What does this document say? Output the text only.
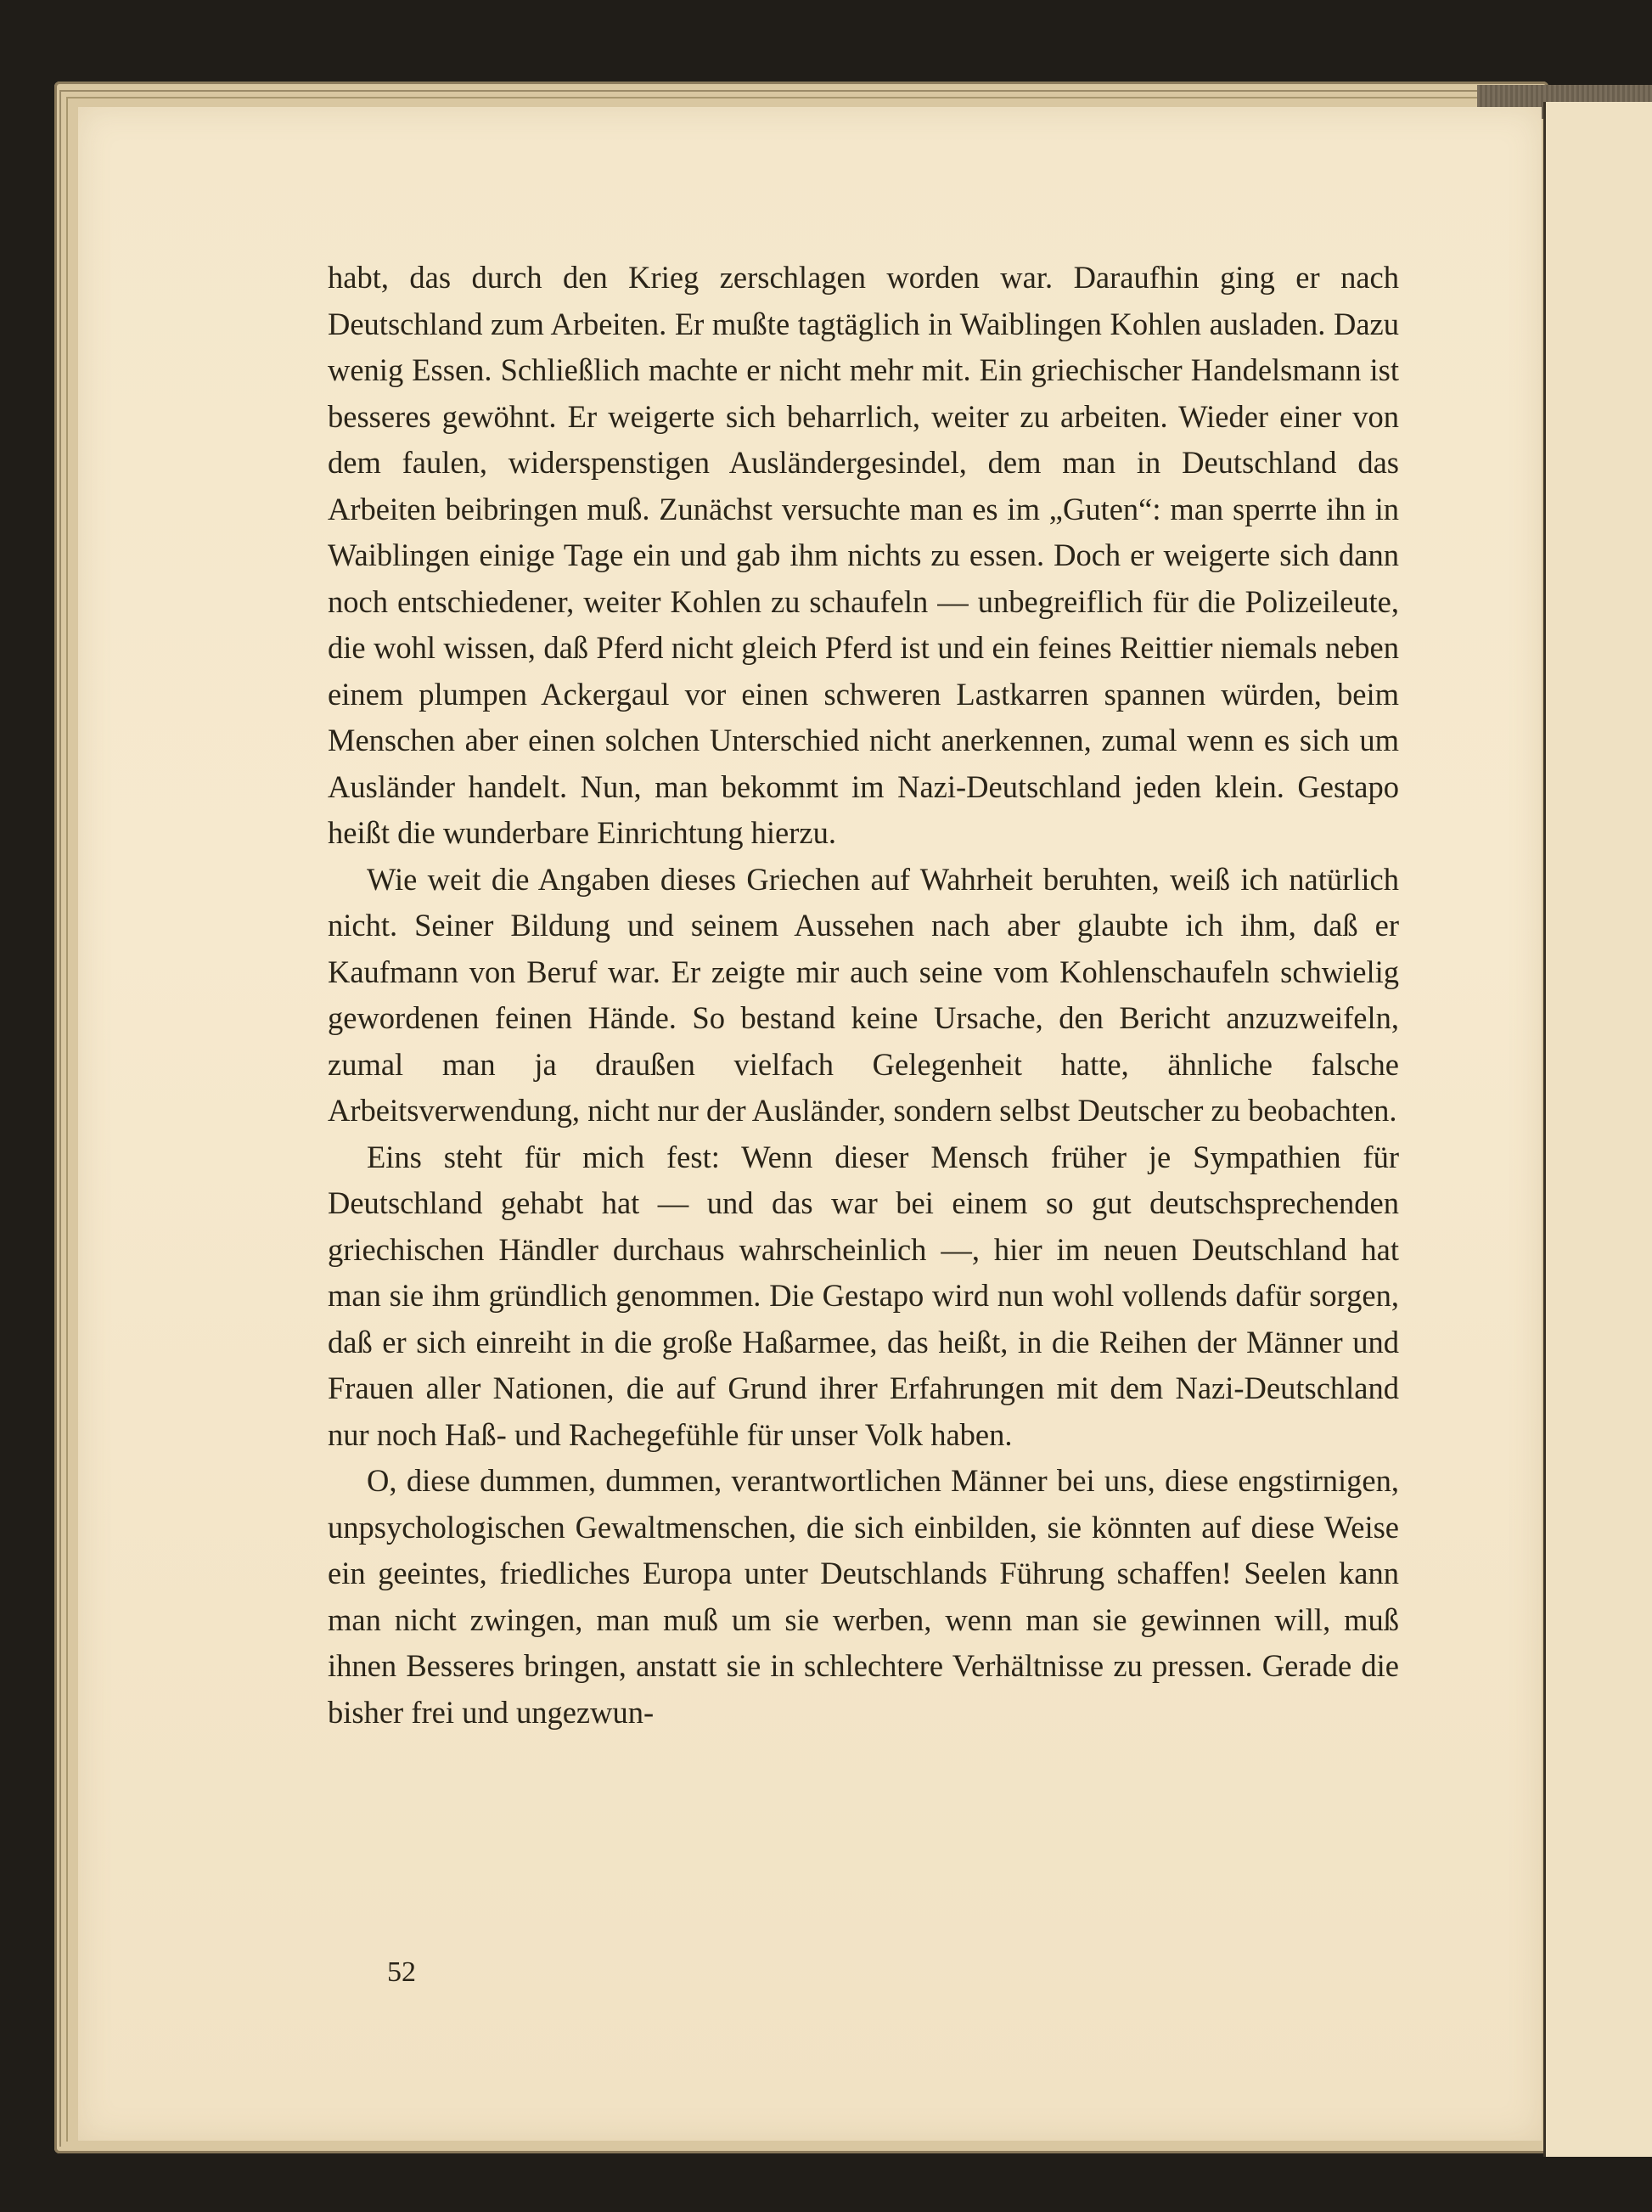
habt, das durch den Krieg zerschlagen worden war. Daraufhin ging er nach Deutschland zum Arbeiten. Er mußte tagtäglich in Waiblingen Kohlen ausladen. Dazu wenig Essen. Schließlich machte er nicht mehr mit. Ein griechischer Handelsmann ist besseres gewöhnt. Er weigerte sich beharrlich, weiter zu arbeiten. Wieder einer von dem faulen, widerspenstigen Ausländergesindel, dem man in Deutschland das Arbeiten beibringen muß. Zunächst versuchte man es im „Guten“: man sperrte ihn in Waiblingen einige Tage ein und gab ihm nichts zu essen. Doch er weigerte sich dann noch entschiedener, weiter Kohlen zu schaufeln — unbegreiflich für die Polizeileute, die wohl wissen, daß Pferd nicht gleich Pferd ist und ein feines Reittier niemals neben einem plumpen Ackergaul vor einen schweren Lastkarren spannen würden, beim Menschen aber einen solchen Unterschied nicht anerkennen, zumal wenn es sich um Ausländer handelt. Nun, man bekommt im Nazi-Deutschland jeden klein. Gestapo heißt die wunderbare Einrichtung hierzu.

Wie weit die Angaben dieses Griechen auf Wahrheit beruhten, weiß ich natürlich nicht. Seiner Bildung und seinem Aussehen nach aber glaubte ich ihm, daß er Kaufmann von Beruf war. Er zeigte mir auch seine vom Kohlenschaufeln schwielig gewordenen feinen Hände. So bestand keine Ursache, den Bericht anzuzweifeln, zumal man ja draußen vielfach Gelegenheit hatte, ähnliche falsche Arbeitsverwendung, nicht nur der Ausländer, sondern selbst Deutscher zu beobachten.

Eins steht für mich fest: Wenn dieser Mensch früher je Sympathien für Deutschland gehabt hat — und das war bei einem so gut deutschsprechenden griechischen Händler durchaus wahrscheinlich —, hier im neuen Deutschland hat man sie ihm gründlich genommen. Die Gestapo wird nun wohl vollends dafür sorgen, daß er sich einreiht in die große Haßarmee, das heißt, in die Reihen der Männer und Frauen aller Nationen, die auf Grund ihrer Erfahrungen mit dem Nazi-Deutschland nur noch Haß- und Rachegefühle für unser Volk haben.

O, diese dummen, dummen, verantwortlichen Männer bei uns, diese engstirnigen, unpsychologischen Gewaltmenschen, die sich einbilden, sie könnten auf diese Weise ein geeintes, friedliches Europa unter Deutschlands Führung schaffen! Seelen kann man nicht zwingen, man muß um sie werben, wenn man sie gewinnen will, muß ihnen Besseres bringen, anstatt sie in schlechtere Verhältnisse zu pressen. Gerade die bisher frei und ungezwun-

52
